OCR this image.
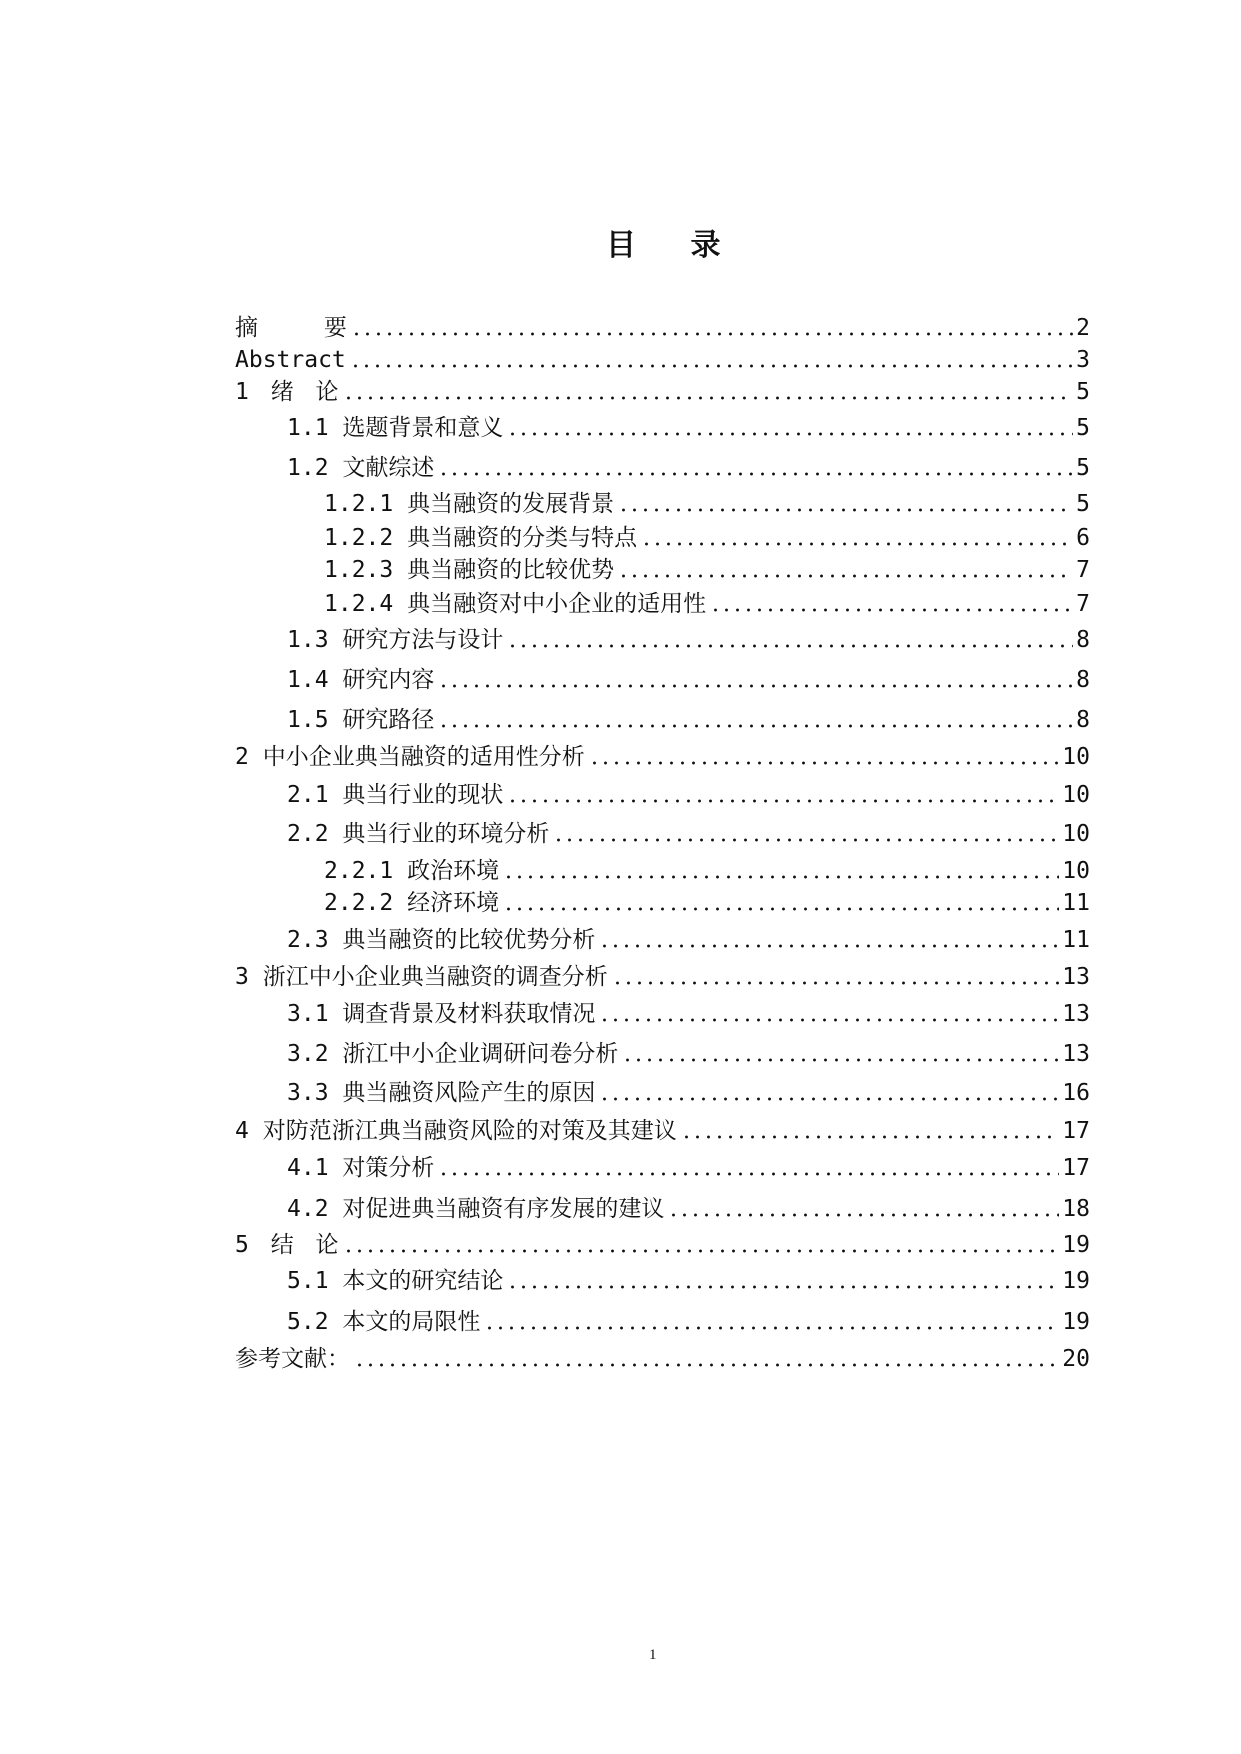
目 录
摘 要	2
Abstract	3
1 绪 论	5
1.1 选题背景和意义	5
1.2 文献综述	5
1.2.1 典当融资的发展背景	5
1.2.2 典当融资的分类与特点	6
1.2.3 典当融资的比较优势	7
1.2.4 典当融资对中小企业的适用性	7
1.3 研究方法与设计	8
1.4 研究内容	8
1.5 研究路径	8
2 中小企业典当融资的适用性分析	10
2.1 典当行业的现状	10
2.2 典当行业的环境分析	10
2.2.1 政治环境	10
2.2.2 经济环境	11
2.3 典当融资的比较优势分析	11
3 浙江中小企业典当融资的调查分析	13
3.1 调查背景及材料获取情况	13
3.2 浙江中小企业调研问卷分析	13
3.3 典当融资风险产生的原因	16
4 对防范浙江典当融资风险的对策及其建议	17
4.1 对策分析	17
4.2 对促进典当融资有序发展的建议	18
5 结 论	19
5.1 本文的研究结论	19
5.2 本文的局限性	19
参考文献：	20
1
